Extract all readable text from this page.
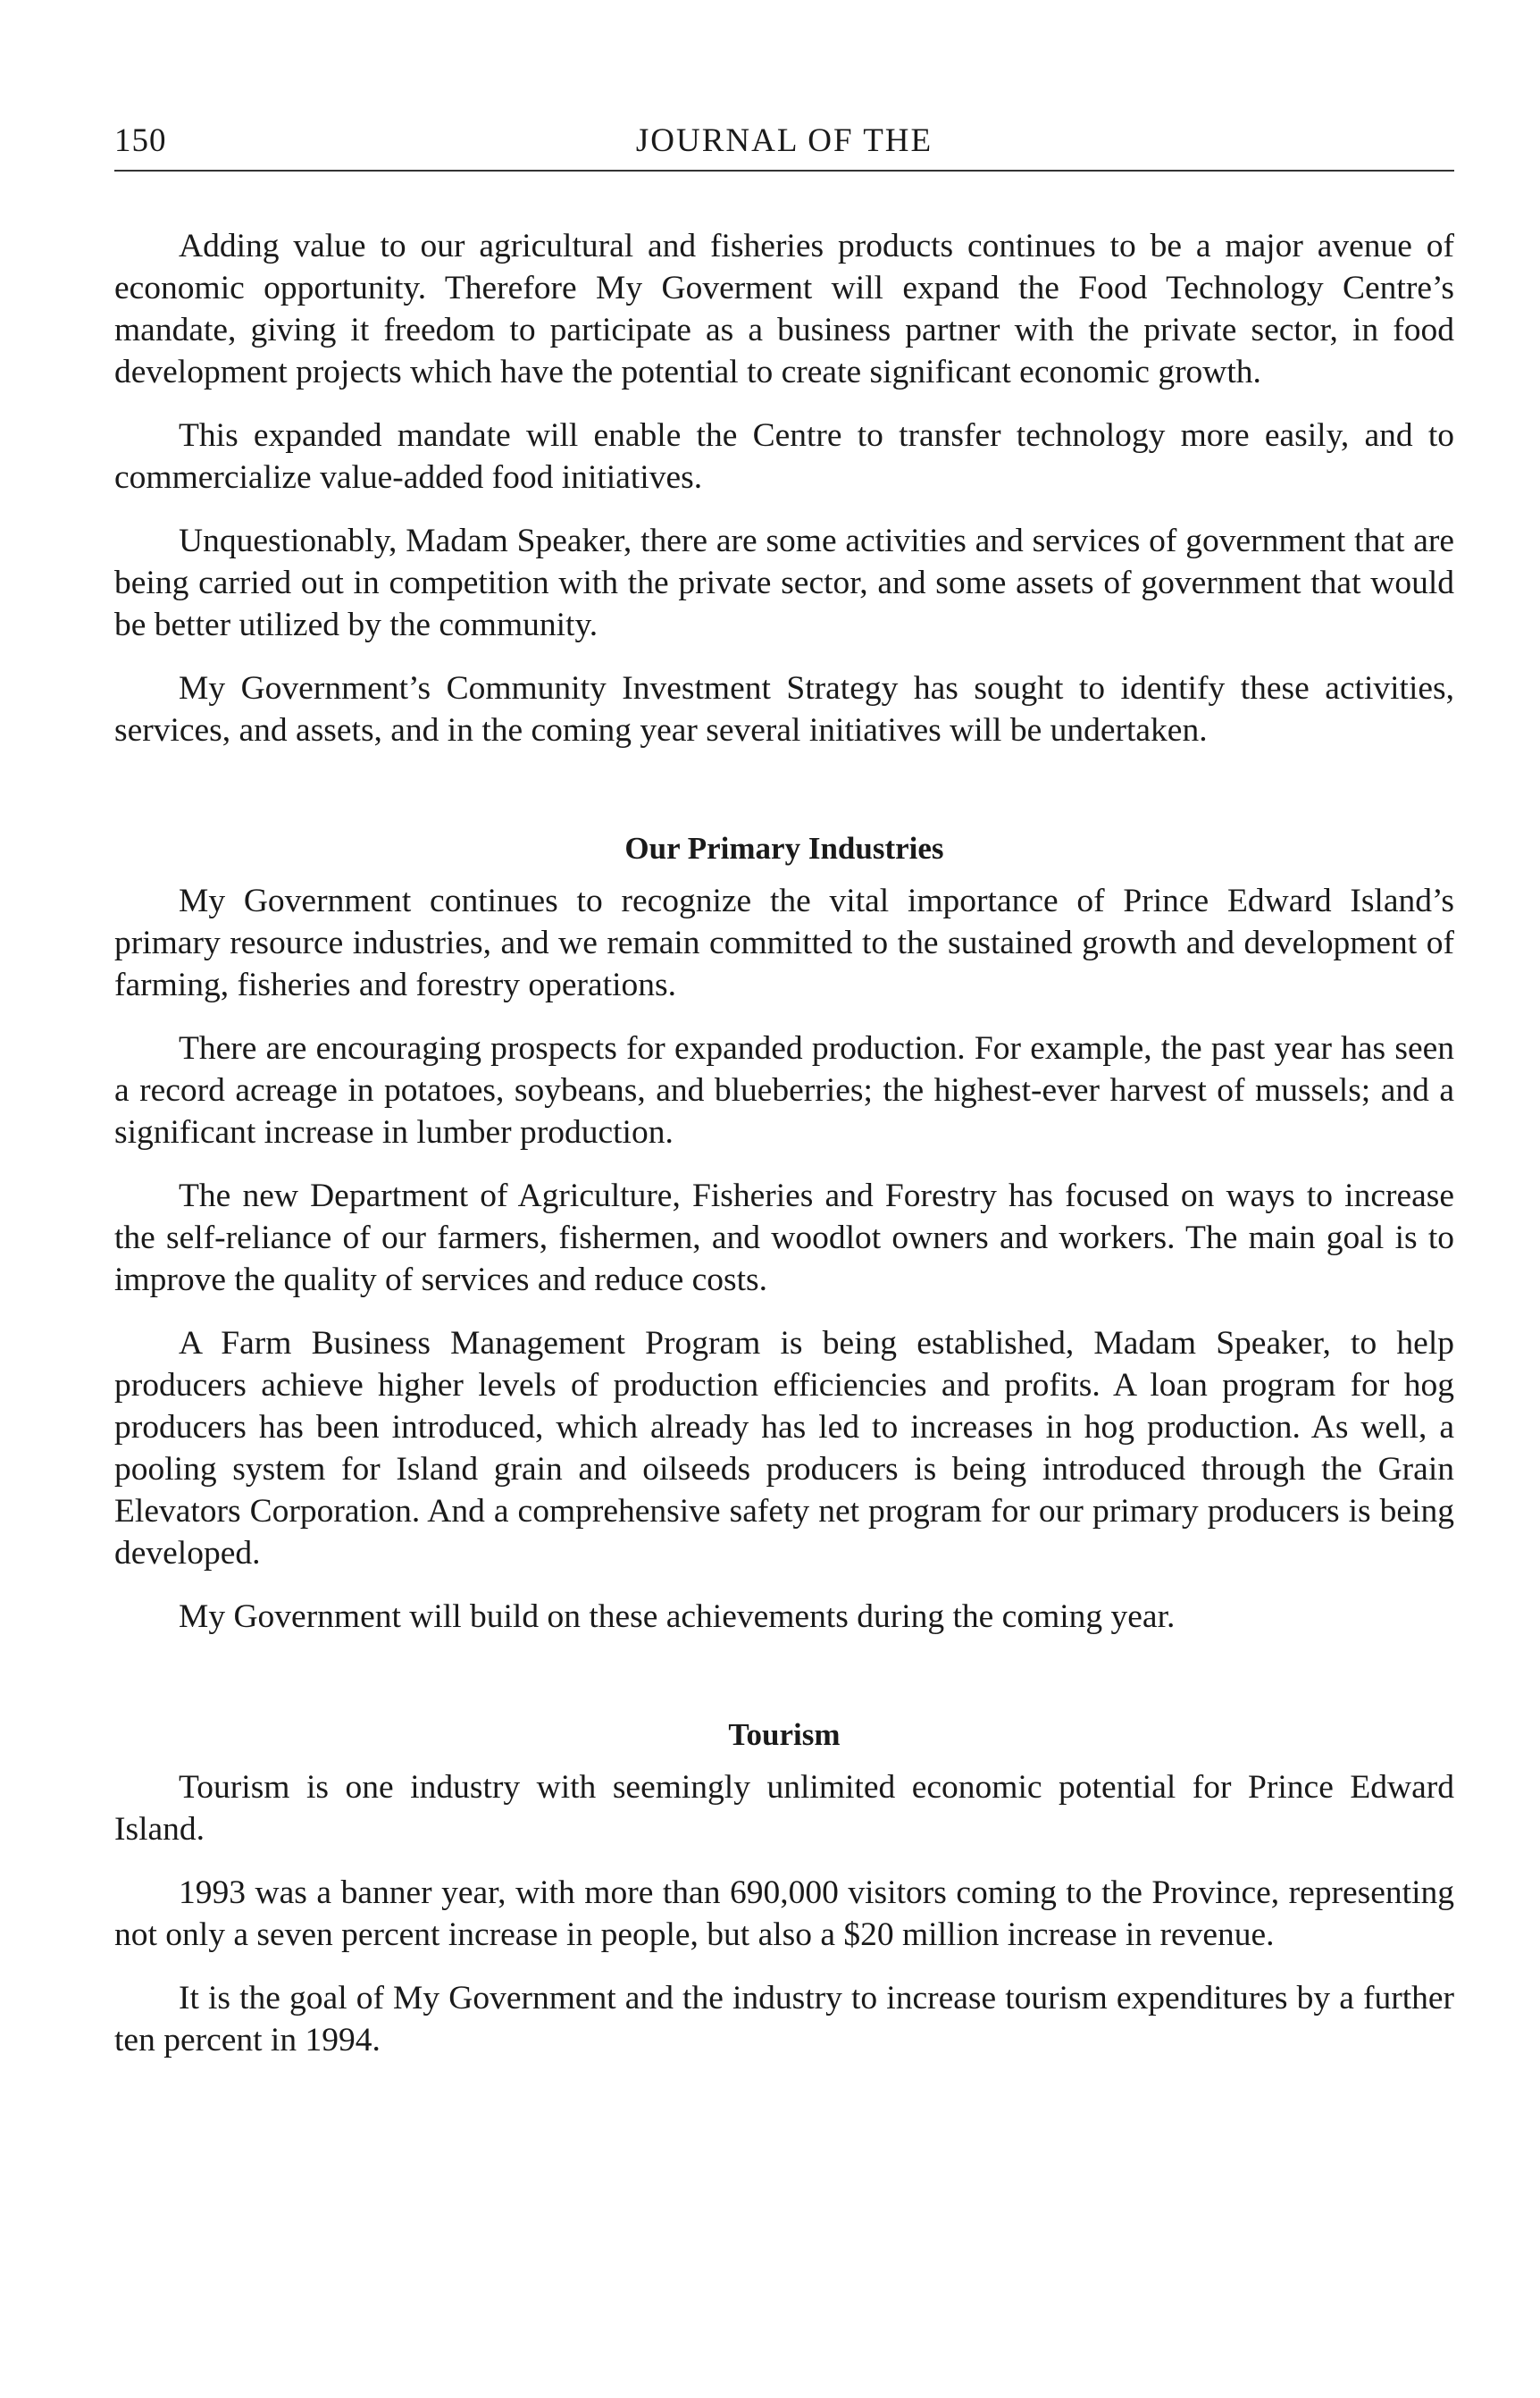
150	JOURNAL OF THE

Adding value to our agricultural and fisheries products continues to be a major avenue of economic opportunity. Therefore My Goverment will expand the Food Technology Centre’s mandate, giving it freedom to participate as a business partner with the private sector, in food development projects which have the potential to create significant economic growth.

This expanded mandate will enable the Centre to transfer technology more easily, and to commercialize value-added food initiatives.

Unquestionably, Madam Speaker, there are some activities and services of government that are being carried out in competition with the private sector, and some assets of government that would be better utilized by the community.

My Government’s Community Investment Strategy has sought to identify these activities, services, and assets, and in the coming year several initiatives will be undertaken.

Our Primary Industries

My Government continues to recognize the vital importance of Prince Edward Island’s primary resource industries, and we remain committed to the sustained growth and development of farming, fisheries and forestry operations.

There are encouraging prospects for expanded production. For example, the past year has seen a record acreage in potatoes, soybeans, and blueberries; the highest-ever harvest of mussels; and a significant increase in lumber production.

The new Department of Agriculture, Fisheries and Forestry has focused on ways to increase the self-reliance of our farmers, fishermen, and woodlot owners and workers. The main goal is to improve the quality of services and reduce costs.

A Farm Business Management Program is being established, Madam Speaker, to help producers achieve higher levels of production efficiencies and profits. A loan program for hog producers has been introduced, which already has led to increases in hog production. As well, a pooling system for Island grain and oilseeds producers is being introduced through the Grain Elevators Corporation. And a comprehensive safety net program for our primary producers is being developed.

My Government will build on these achievements during the coming year.

Tourism

Tourism is one industry with seemingly unlimited economic potential for Prince Edward Island.

1993 was a banner year, with more than 690,000 visitors coming to the Province, representing not only a seven percent increase in people, but also a $20 million increase in revenue.

It is the goal of My Government and the industry to increase tourism expenditures by a further ten percent in 1994.
